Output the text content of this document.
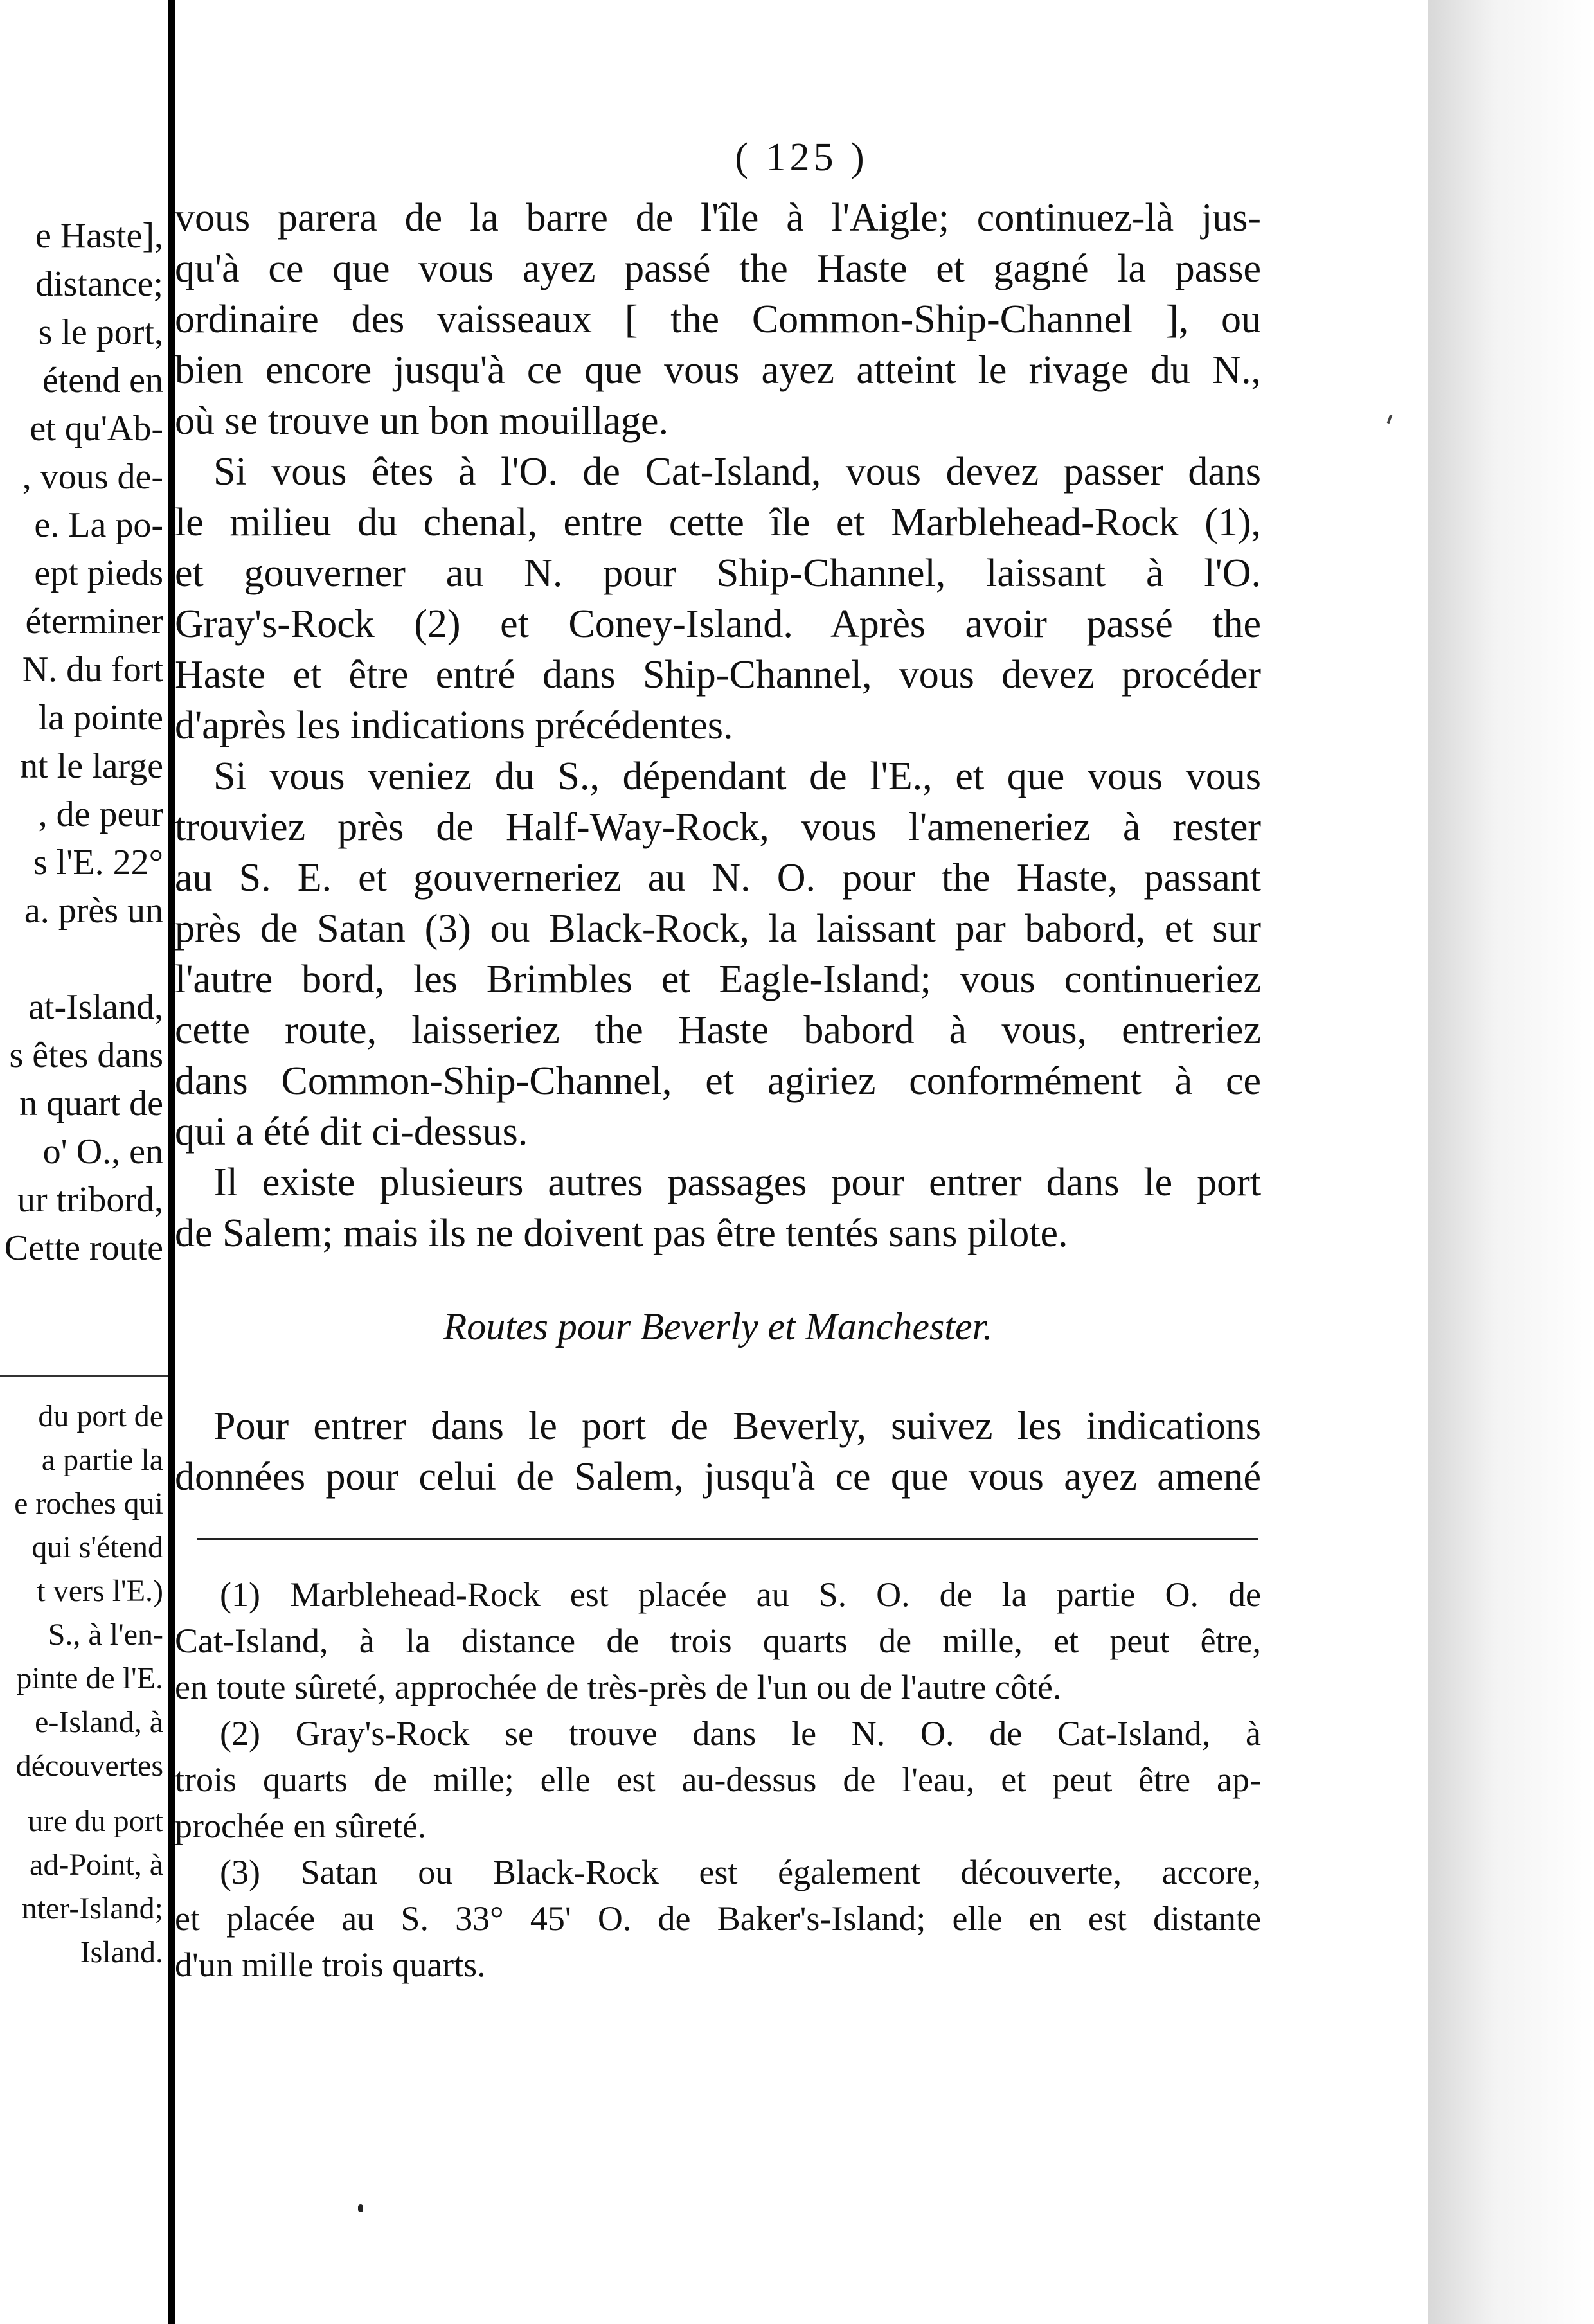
e Haste],
distance;
s le port,
étend en
et qu'Ab-
, vous de-
e. La po-
ept pieds
éterminer
N. du fort
la pointe
nt le large
, de peur
s l'E. 22°
a. près un
at-Island,
s êtes dans
n quart de
o' O., en
ur tribord,
Cette route
du port de
a partie la
e roches qui
qui s'étend
t vers l'E.)
S., à l'en-
pinte de l'E.
e-Island, à
découvertes
ure du port
ad-Point, à
nter-Island;
Island.
( 125 )
vous parera de la barre de l'île à l'Aigle; continuez-là jus-
qu'à ce que vous ayez passé the Haste et gagné la passe
ordinaire des vaisseaux [ the Common-Ship-Channel ], ou
bien encore jusqu'à ce que vous ayez atteint le rivage du N.,
où se trouve un bon mouillage.
Si vous êtes à l'O. de Cat-Island, vous devez passer dans
le milieu du chenal, entre cette île et Marblehead-Rock (1),
et gouverner au N. pour Ship-Channel, laissant à l'O.
Gray's-Rock (2) et Coney-Island. Après avoir passé the
Haste et être entré dans Ship-Channel, vous devez procéder
d'après les indications précédentes.
Si vous veniez du S., dépendant de l'E., et que vous vous
trouviez près de Half-Way-Rock, vous l'ameneriez à rester
au S. E. et gouverneriez au N. O. pour the Haste, passant
près de Satan (3) ou Black-Rock, la laissant par babord, et sur
l'autre bord, les Brimbles et Eagle-Island; vous continueriez
cette route, laisseriez the Haste babord à vous, entreriez
dans Common-Ship-Channel, et agiriez conformément à ce
qui a été dit ci-dessus.
Il existe plusieurs autres passages pour entrer dans le port
de Salem; mais ils ne doivent pas être tentés sans pilote.
Routes pour Beverly et Manchester.
Pour entrer dans le port de Beverly, suivez les indications
données pour celui de Salem, jusqu'à ce que vous ayez amené
(1) Marblehead-Rock est placée au S. O. de la partie O. de
Cat-Island, à la distance de trois quarts de mille, et peut être,
en toute sûreté, approchée de très-près de l'un ou de l'autre côté.
(2) Gray's-Rock se trouve dans le N. O. de Cat-Island, à
trois quarts de mille; elle est au-dessus de l'eau, et peut être ap-
prochée en sûreté.
(3) Satan ou Black-Rock est également découverte, accore,
et placée au S. 33° 45' O. de Baker's-Island; elle en est distante
d'un mille trois quarts.
